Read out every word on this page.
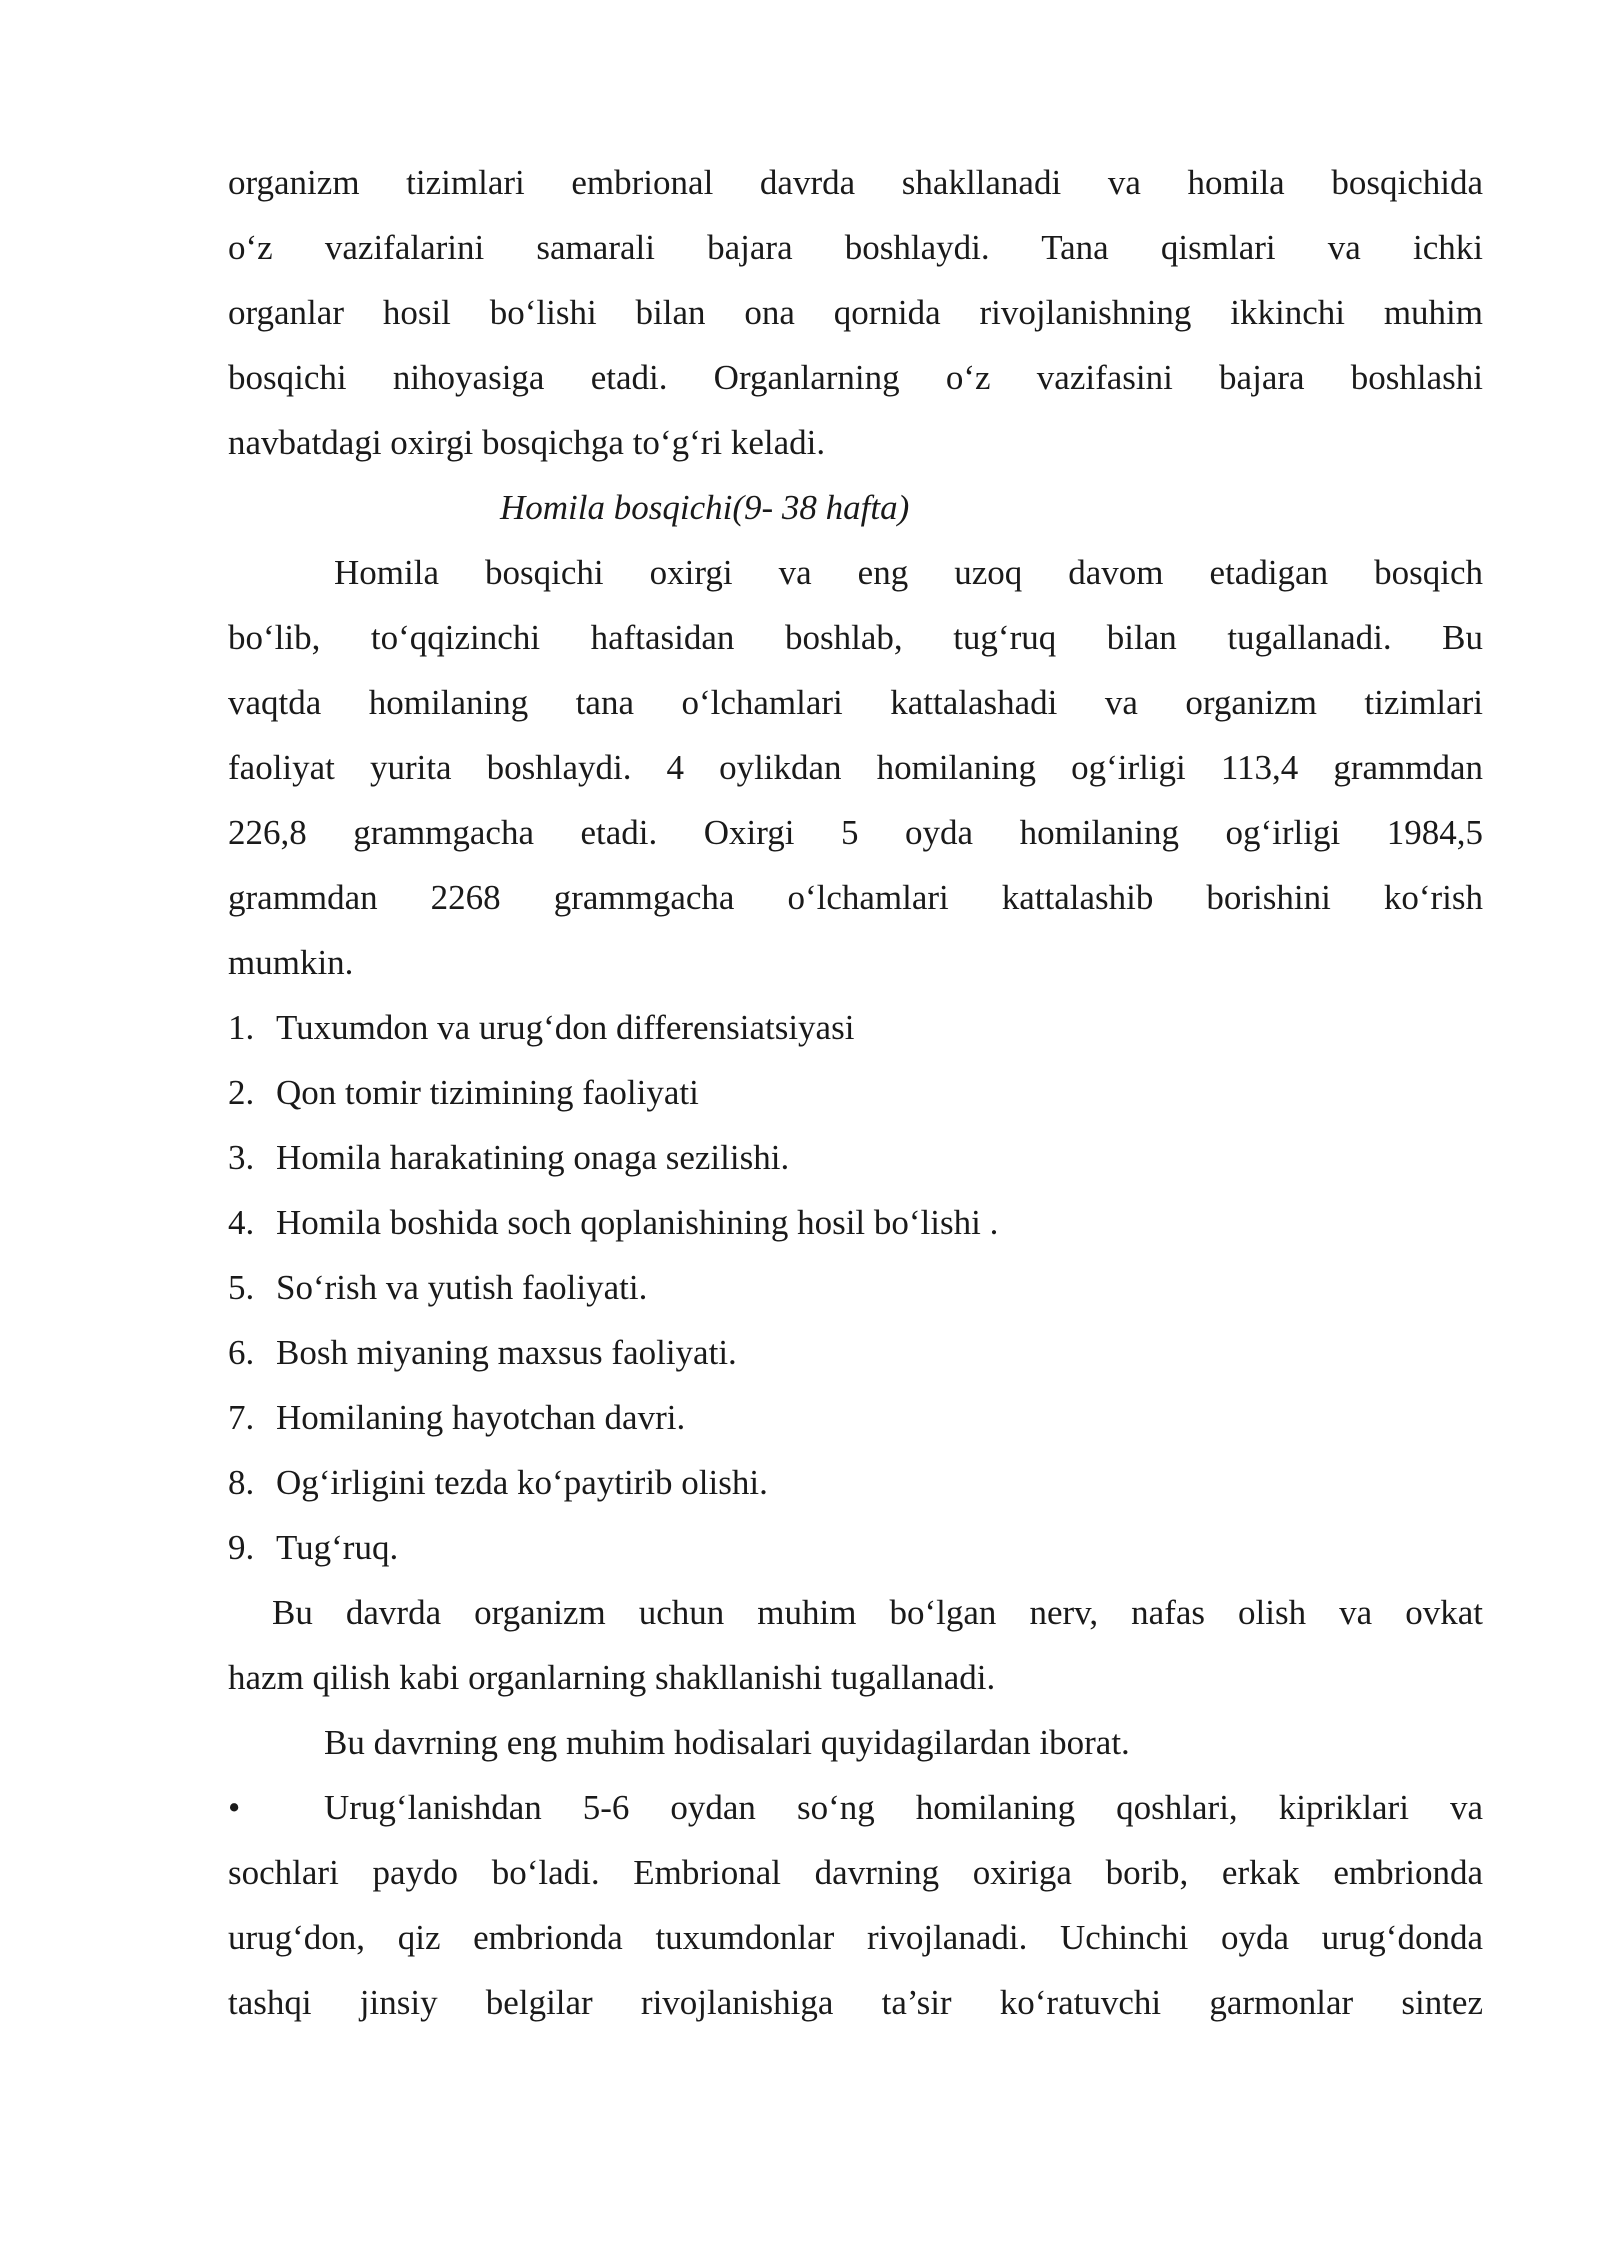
organizm tizimlari embrional davrda shakllanadi va homila bosqichida
o‘z vazifalarini samarali bajara boshlaydi. Tana qismlari va ichki
organlar hosil bo‘lishi bilan ona qornida rivojlanishning ikkinchi muhim
bosqichi nihoyasiga etadi. Organlarning o‘z vazifasini bajara boshlashi
navbatdagi oxirgi bosqichga to‘g‘ri keladi.
Homila bosqichi(9- 38 hafta)
Homila bosqichi oxirgi va eng uzoq davom etadigan bosqich
bo‘lib, to‘qqizinchi haftasidan boshlab, tug‘ruq bilan tugallanadi. Bu
vaqtda homilaning tana o‘lchamlari kattalashadi va organizm tizimlari
faoliyat yurita boshlaydi. 4 oylikdan homilaning og‘irligi 113,4 grammdan
226,8 grammgacha etadi. Oxirgi 5 oyda homilaning og‘irligi 1984,5
grammdan 2268 grammgacha o‘lchamlari kattalashib borishini ko‘rish
mumkin.
1. Tuxumdon va urug‘don differensiatsiyasi
2. Qon tomir tizimining faoliyati
3. Homila harakatining onaga sezilishi.
4. Homila boshida soch qoplanishining hosil bo‘lishi .
5. So‘rish va yutish faoliyati.
6. Bosh miyaning maxsus faoliyati.
7. Homilaning hayotchan davri.
8. Og‘irligini tezda ko‘paytirib olishi.
9. Tug‘ruq.
Bu davrda organizm uchun muhim bo‘lgan nerv, nafas olish va ovkat
hazm qilish kabi organlarning shakllanishi tugallanadi.
Bu davrning eng muhim hodisalari quyidagilardan iborat.
•	Urug‘lanishdan 5-6 oydan so‘ng homilaning qoshlari, kipriklari va
sochlari paydo bo‘ladi. Embrional davrning oxiriga borib, erkak embrionda
urug‘don, qiz embrionda tuxumdonlar rivojlanadi. Uchinchi oyda urug‘donda
tashqi jinsiy belgilar rivojlanishiga ta’sir ko‘ratuvchi garmonlar sintez
